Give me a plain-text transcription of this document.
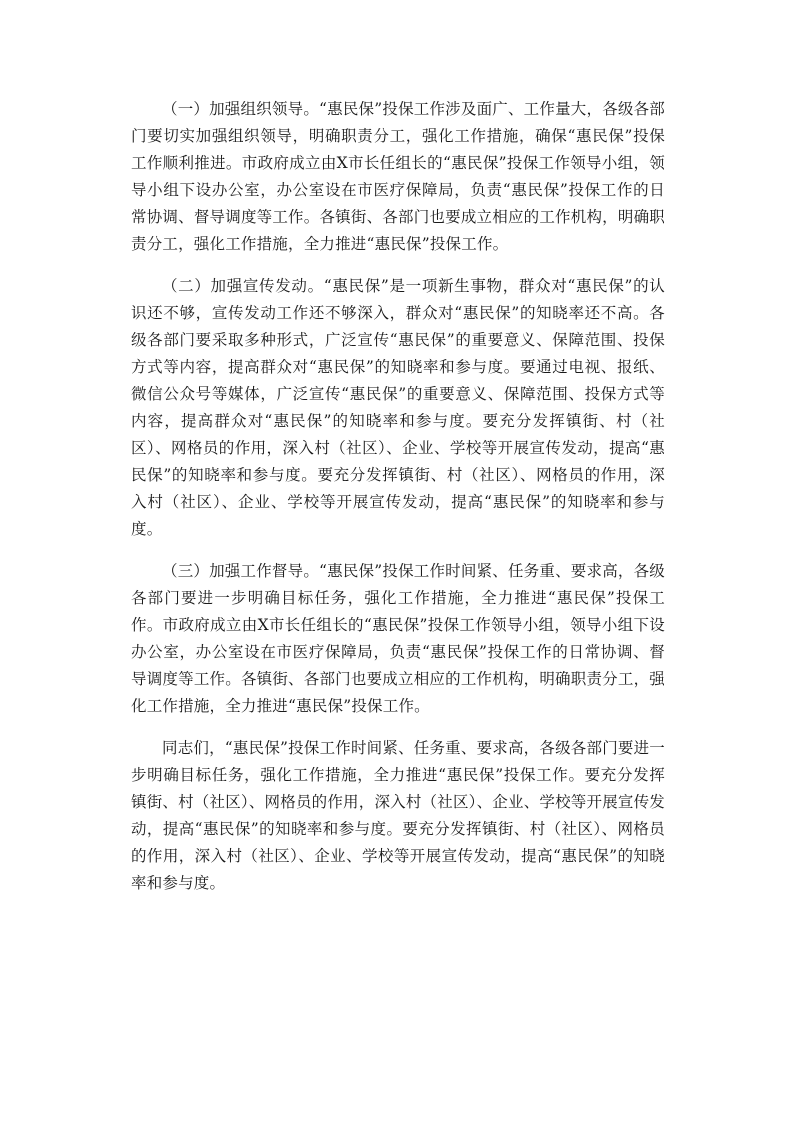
（一）加强组织领导。“惠民保”投保工作涉及面广、工作量大，各级各部门要切实加强组织领导，明确职责分工，强化工作措施，确保“惠民保”投保工作顺利推进。市政府成立由X市长任组长的“惠民保”投保工作领导小组，领导小组下设办公室，办公室设在市医疗保障局，负责“惠民保”投保工作的日常协调、督导调度等工作。各镇街、各部门也要成立相应的工作机构，明确职责分工，强化工作措施，全力推进“惠民保”投保工作。

（二）加强宣传发动。“惠民保”是一项新生事物，群众对“惠民保”的认识还不够，宣传发动工作还不够深入，群众对“惠民保”的知晓率还不高。各级各部门要采取多种形式，广泛宣传“惠民保”的重要意义、保障范围、投保方式等内容，提高群众对“惠民保”的知晓率和参与度。要通过电视、报纸、微信公众号等媒体，广泛宣传“惠民保”的重要意义、保障范围、投保方式等内容，提高群众对“惠民保”的知晓率和参与度。要充分发挥镇街、村（社区）、网格员的作用，深入村（社区）、企业、学校等开展宣传发动，提高“惠民保”的知晓率和参与度。要充分发挥镇街、村（社区）、网格员的作用，深入村（社区）、企业、学校等开展宣传发动，提高“惠民保”的知晓率和参与度。

（三）加强工作督导。“惠民保”投保工作时间紧、任务重、要求高，各级各部门要进一步明确目标任务，强化工作措施，全力推进“惠民保”投保工作。市政府成立由X市长任组长的“惠民保”投保工作领导小组，领导小组下设办公室，办公室设在市医疗保障局，负责“惠民保”投保工作的日常协调、督导调度等工作。各镇街、各部门也要成立相应的工作机构，明确职责分工，强化工作措施，全力推进“惠民保”投保工作。

同志们，“惠民保”投保工作时间紧、任务重、要求高，各级各部门要进一步明确目标任务，强化工作措施，全力推进“惠民保”投保工作。要充分发挥镇街、村（社区）、网格员的作用，深入村（社区）、企业、学校等开展宣传发动，提高“惠民保”的知晓率和参与度。要充分发挥镇街、村（社区）、网格员的作用，深入村（社区）、企业、学校等开展宣传发动，提高“惠民保”的知晓率和参与度。
